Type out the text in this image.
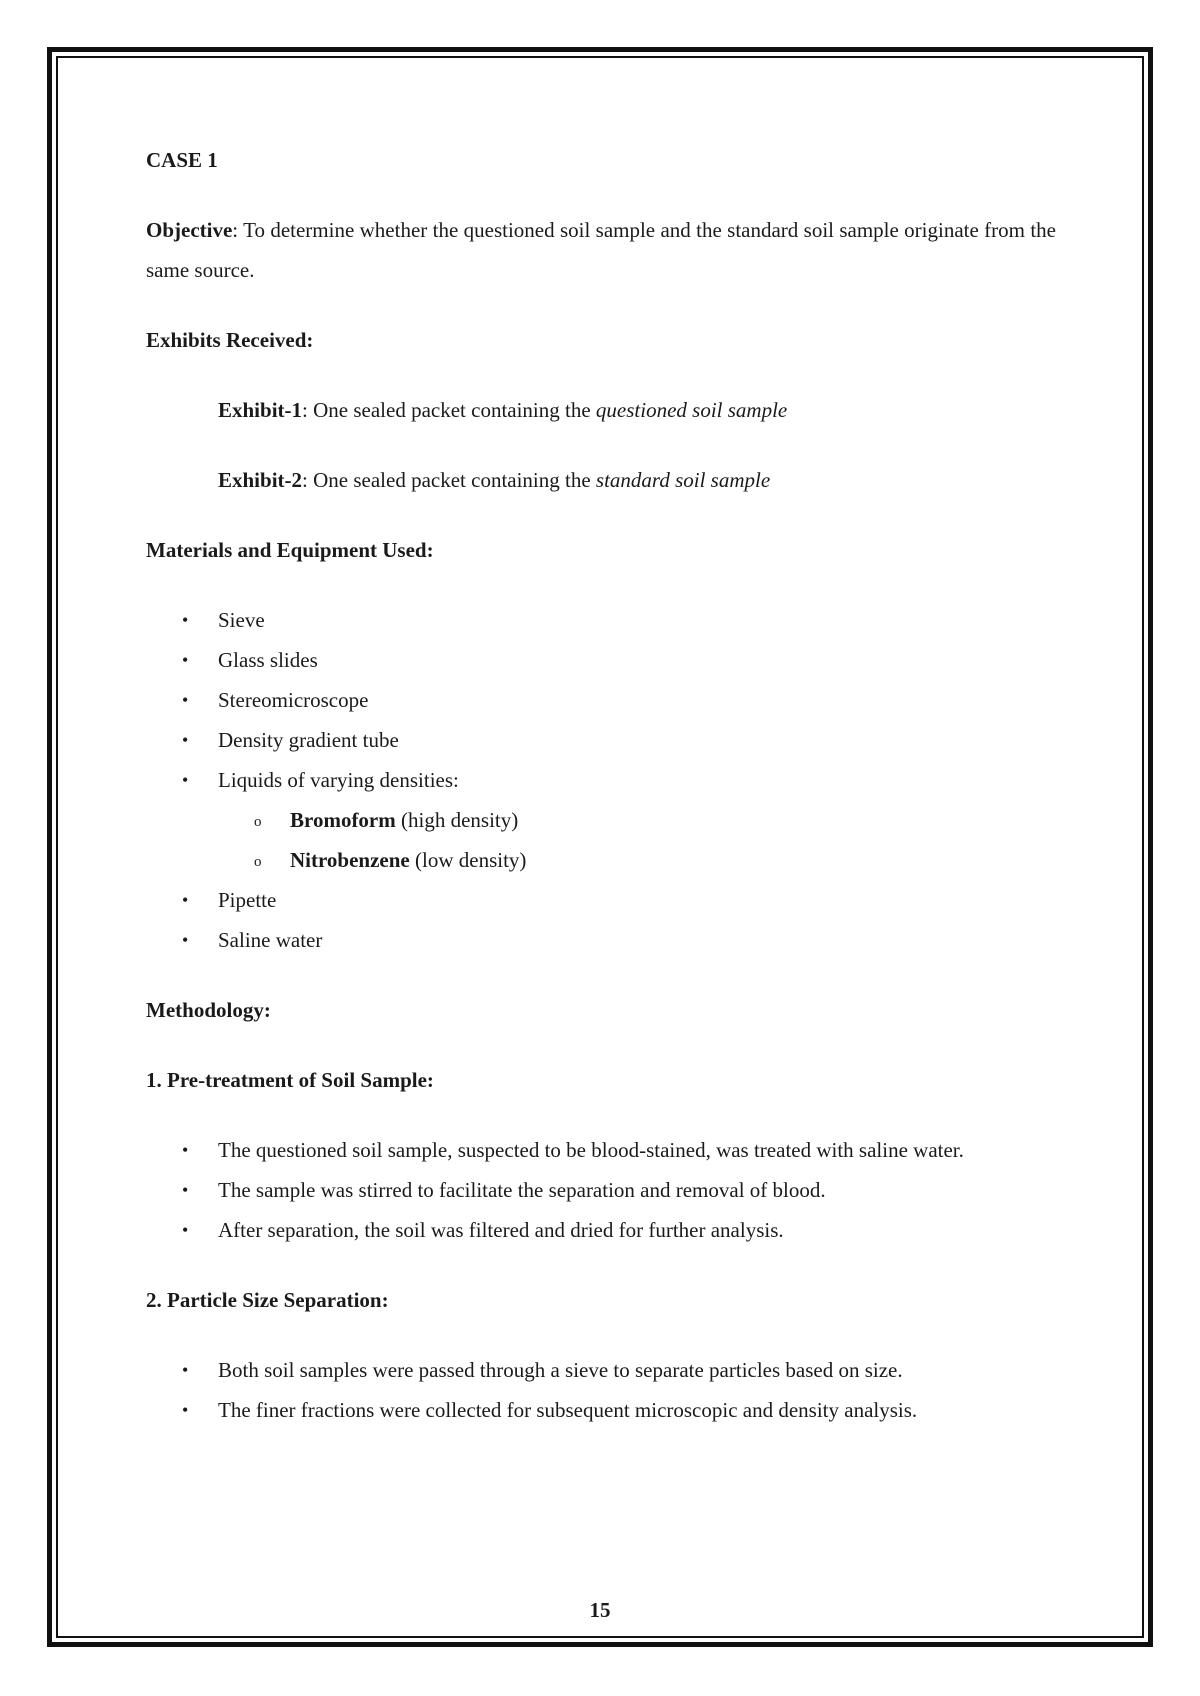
CASE 1

Objective: To determine whether the questioned soil sample and the standard soil sample originate from the same source.

Exhibits Received:

Exhibit-1: One sealed packet containing the questioned soil sample

Exhibit-2: One sealed packet containing the standard soil sample

Materials and Equipment Used:

• Sieve
• Glass slides
• Stereomicroscope
• Density gradient tube
• Liquids of varying densities:
o Bromoform (high density)
o Nitrobenzene (low density)
• Pipette
• Saline water

Methodology:

1. Pre-treatment of Soil Sample:

• The questioned soil sample, suspected to be blood-stained, was treated with saline water.
• The sample was stirred to facilitate the separation and removal of blood.
• After separation, the soil was filtered and dried for further analysis.

2. Particle Size Separation:

• Both soil samples were passed through a sieve to separate particles based on size.
• The finer fractions were collected for subsequent microscopic and density analysis.
15
